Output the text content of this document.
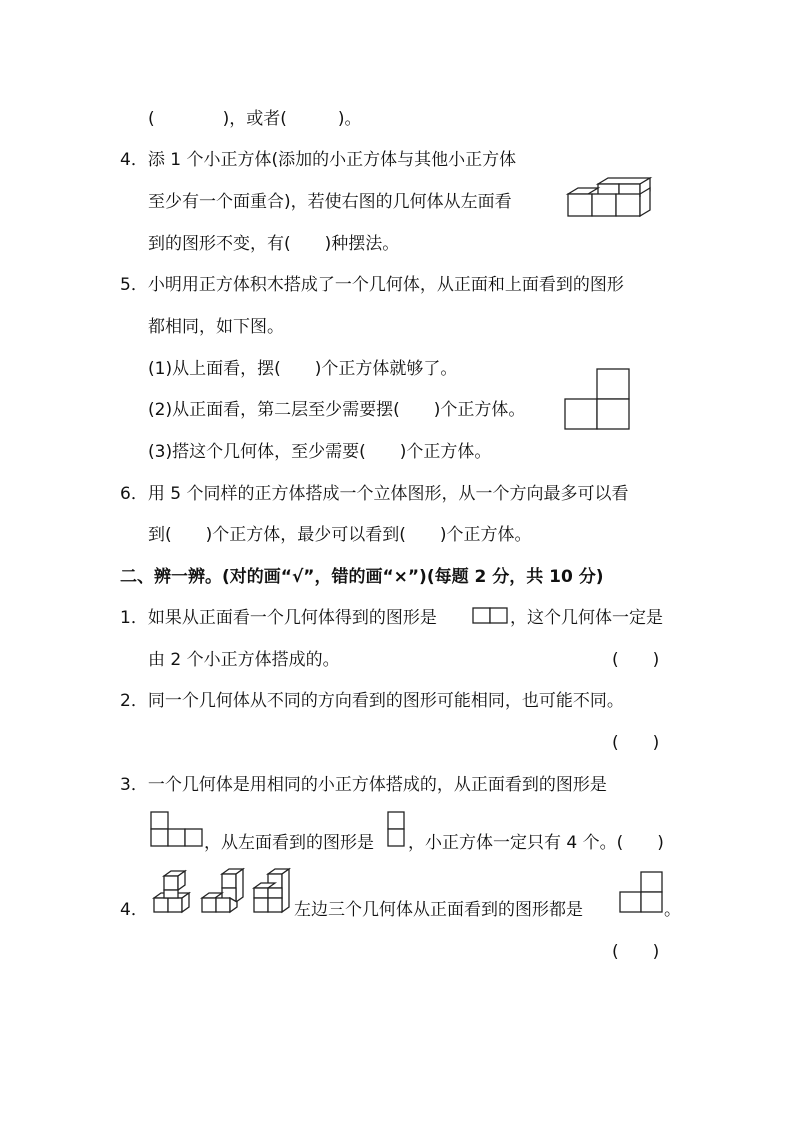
(　　　　)，或者(　　　)。
4．添 1 个小正方体(添加的小正方体与其他小正方体
至少有一个面重合)，若使右图的几何体从左面看
到的图形不变，有(　　)种摆法。
5．小明用正方体积木搭成了一个几何体，从正面和上面看到的图形
都相同，如下图。
(1)从上面看，摆(　　)个正方体就够了。
(2)从正面看，第二层至少需要摆(　　)个正方体。
(3)搭这个几何体，至少需要(　　)个正方体。
6．用 5 个同样的正方体搭成一个立体图形，从一个方向最多可以看
到(　　)个正方体，最少可以看到(　　)个正方体。
二、辨一辨。(对的画“√”，错的画“×”)(每题 2 分，共 10 分)
1．如果从正面看一个几何体得到的图形是	，这个几何体一定是
由 2 个小正方体搭成的。	(　　)
2．同一个几何体从不同的方向看到的图形可能相同，也可能不同。
(　　)
3．一个几何体是用相同的小正方体搭成的，从正面看到的图形是
，从左面看到的图形是 ，小正方体一定只有 4 个。(　　)
4．	左边三个几何体从正面看到的图形都是	。
(　　)
